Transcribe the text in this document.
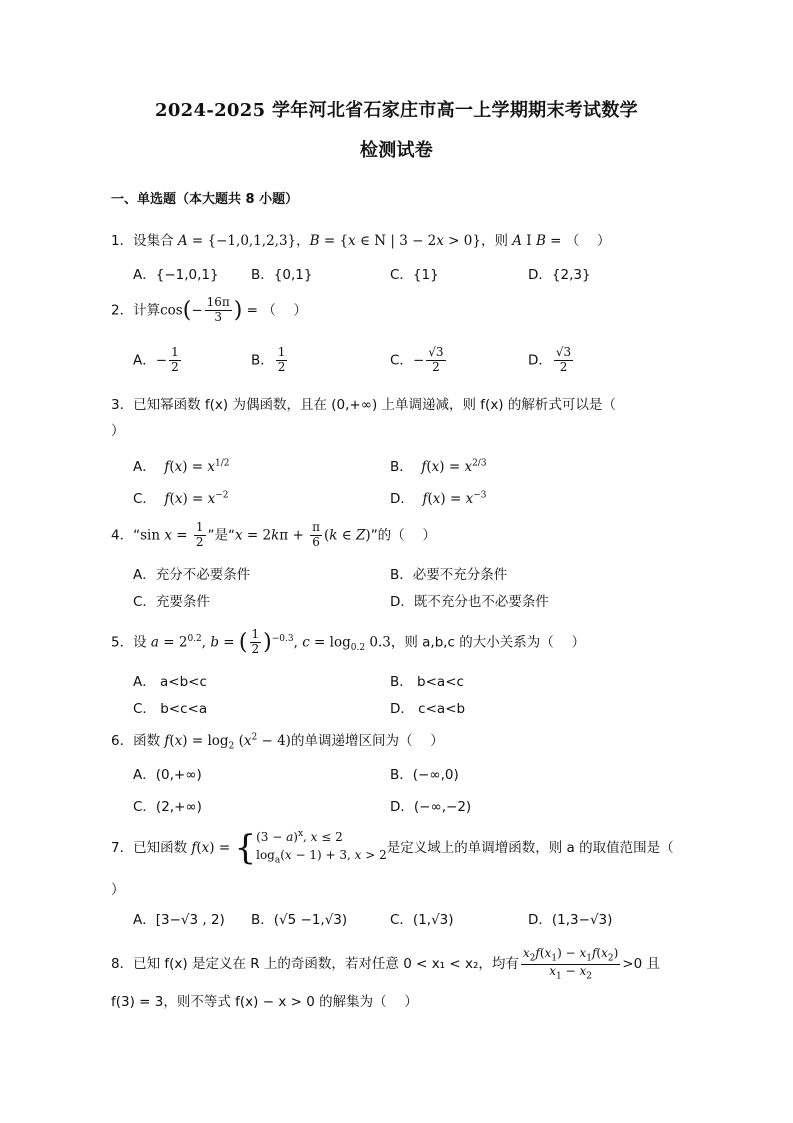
2024-2025 学年河北省石家庄市高一上学期期末考试数学
检测试卷
一、单选题（本大题共 8 小题）
1．设集合 A = {−1,0,1,2,3}，B = {x ∈ N | 3 − 2x > 0}，则 A I B = （　 ）
A．{−1,0,1} B．{0,1}	C．{1}	D．{2,3}
2．计算$\cos(- \frac{16\pi}{3}$ ) = （　 ）
A．− $\frac{1}{2}$	B． $\frac{1}{2}$	C．− $\frac{√3}{2}$	D． $\frac{√3}{2}$
3．已知幂函数 f(x) 为偶函数，且在 (0,+∞) 上单调递减，则 f(x) 的解析式可以是（
）
A． $f(x) = x^{1/2}$	B． $f(x) = x^{2/3}$
C． $f(x) = x^{-2}$	D． $f(x) = x^{-3}$
4．“sin $x = \frac{1}{2}$ ”是“$x = 2k\pi + \frac{\pi}{6} (k$ ∈ Z)”的（　 ）
A．充分不必要条件	B．必要不充分条件
C．充要条件	D．既不充分也不必要条件
5．设 $a = 2^{0.2}$, b = ( $\frac{1}{2} )^{-0.3}$, $c = \log_{0.2} 0.3$，则 a,b,c 的大小关系为（　 ）
A． a<b<c	B． b<a<c
C． b<c<a	D． c<a<b
6．函数 $f(x) = \log_2 (x^2 - 4)$的单调递增区间为（　 ）
A．(0,+∞)	B．(−∞,0)
C．(2,+∞)	D．(−∞,−2)
7．已知函数 f(x) = { $(3 - a)^x$, x ≤ 2
$\log_a(x - 1) + 3$, x > 2 是定义域上的单调增函数，则 a 的取值范围是（
）
A．[3−√3 , 2) B．(√5 −1,√3)	C．(1,√3)	D．(1,3−√3)
8．已知 f(x) 是定义在 R 上的奇函数，若对任意 0 < x₁ < x₂，均有 $\frac{x_2f(x_1) - x_1f(x_2)}{x_1 - x_2} >0$ 且
f(3) = 3，则不等式 f(x) − x > 0 的解集为（　 ）
